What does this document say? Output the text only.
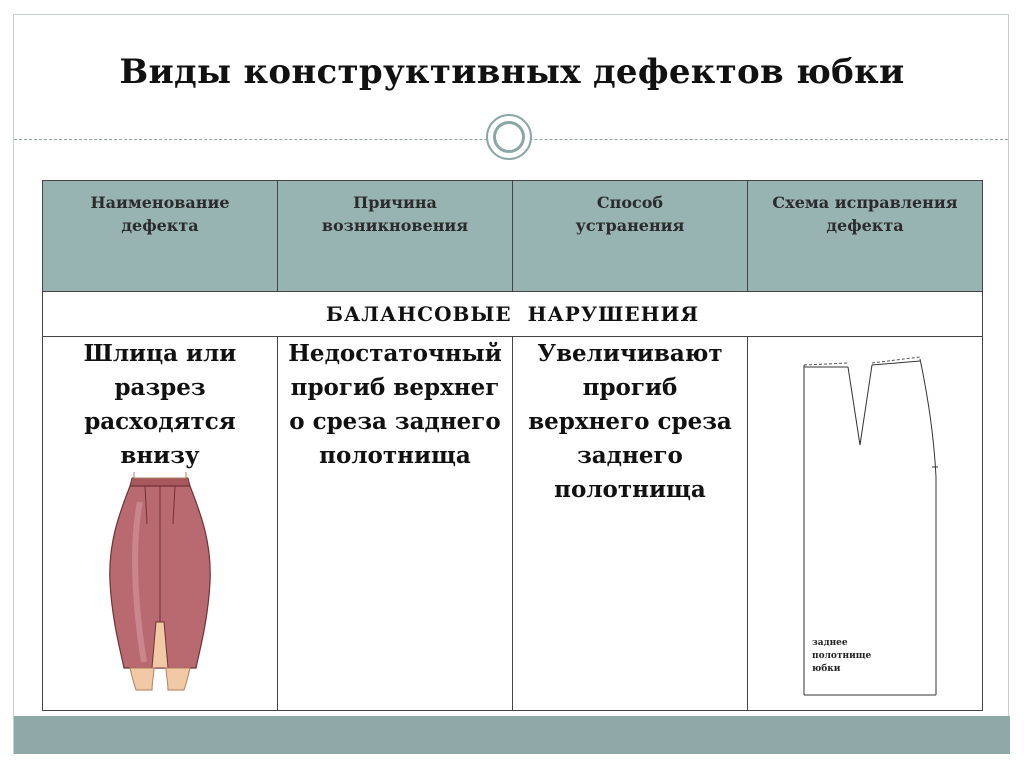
Виды конструктивных дефектов юбки
Наименование дефекта	Причина возникновения	Способ устранения	Схема исправления дефекта
БАЛАНСОВЫЕ  НАРУШЕНИЯ			

Шлица или разрез расходятся внизу	Недостаточный прогиб верхнего среза заднего полотнища	Увеличивают прогиб верхнего среза заднего полотнища	заднее
полотнище
юбки
